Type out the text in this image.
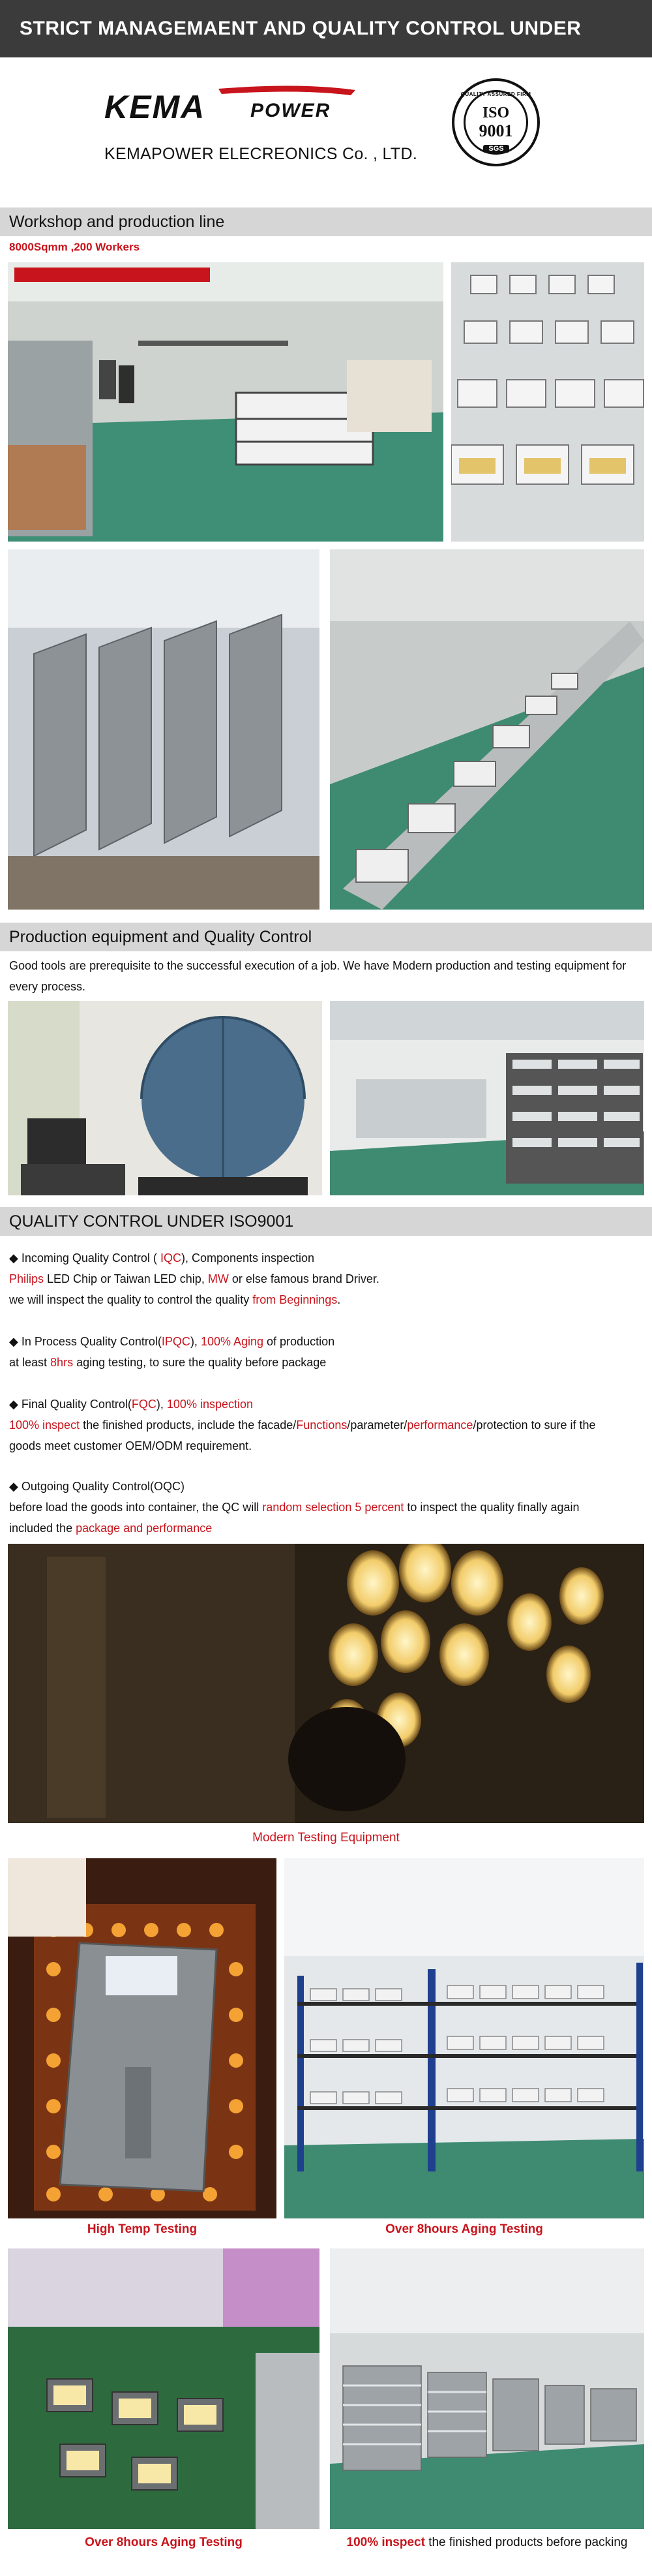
STRICT MANAGEMAENT AND QUALITY CONTROL UNDER ISO9001
KEMA POWER
KEMAPOWER ELECREONICS Co. , LTD.
QUALITY ASSURED FIRM
ISO
9001
SGS
Workshop and production line
8000Sqmm ,200 Workers
Production equipment and Quality Control
Good tools are prerequisite to the successful execution of a job. We have Modern production and testing equipment for every process.
QUALITY CONTROL UNDER ISO9001
◆ Incoming Quality Control ( IQC), Components inspection
Philips LED Chip or Taiwan LED chip, MW or else famous brand Driver.
we will inspect the quality to control the quality from Beginnings.
◆ In Process Quality Control(IPQC), 100% Aging of production
at least 8hrs aging testing, to sure the quality before package
◆ Final Quality Control(FQC), 100% inspection
100% inspect the finished products, include the facade/Functions/parameter/performance/protection to sure if the
goods meet customer OEM/ODM requirement.
◆ Outgoing Quality Control(OQC)
before load the goods into container, the QC will random selection 5 percent to inspect the quality finally again
included the package and performance
Modern Testing Equipment
High Temp Testing	Over 8hours Aging Testing
Over 8hours Aging Testing	100% inspect the finished products before packing
